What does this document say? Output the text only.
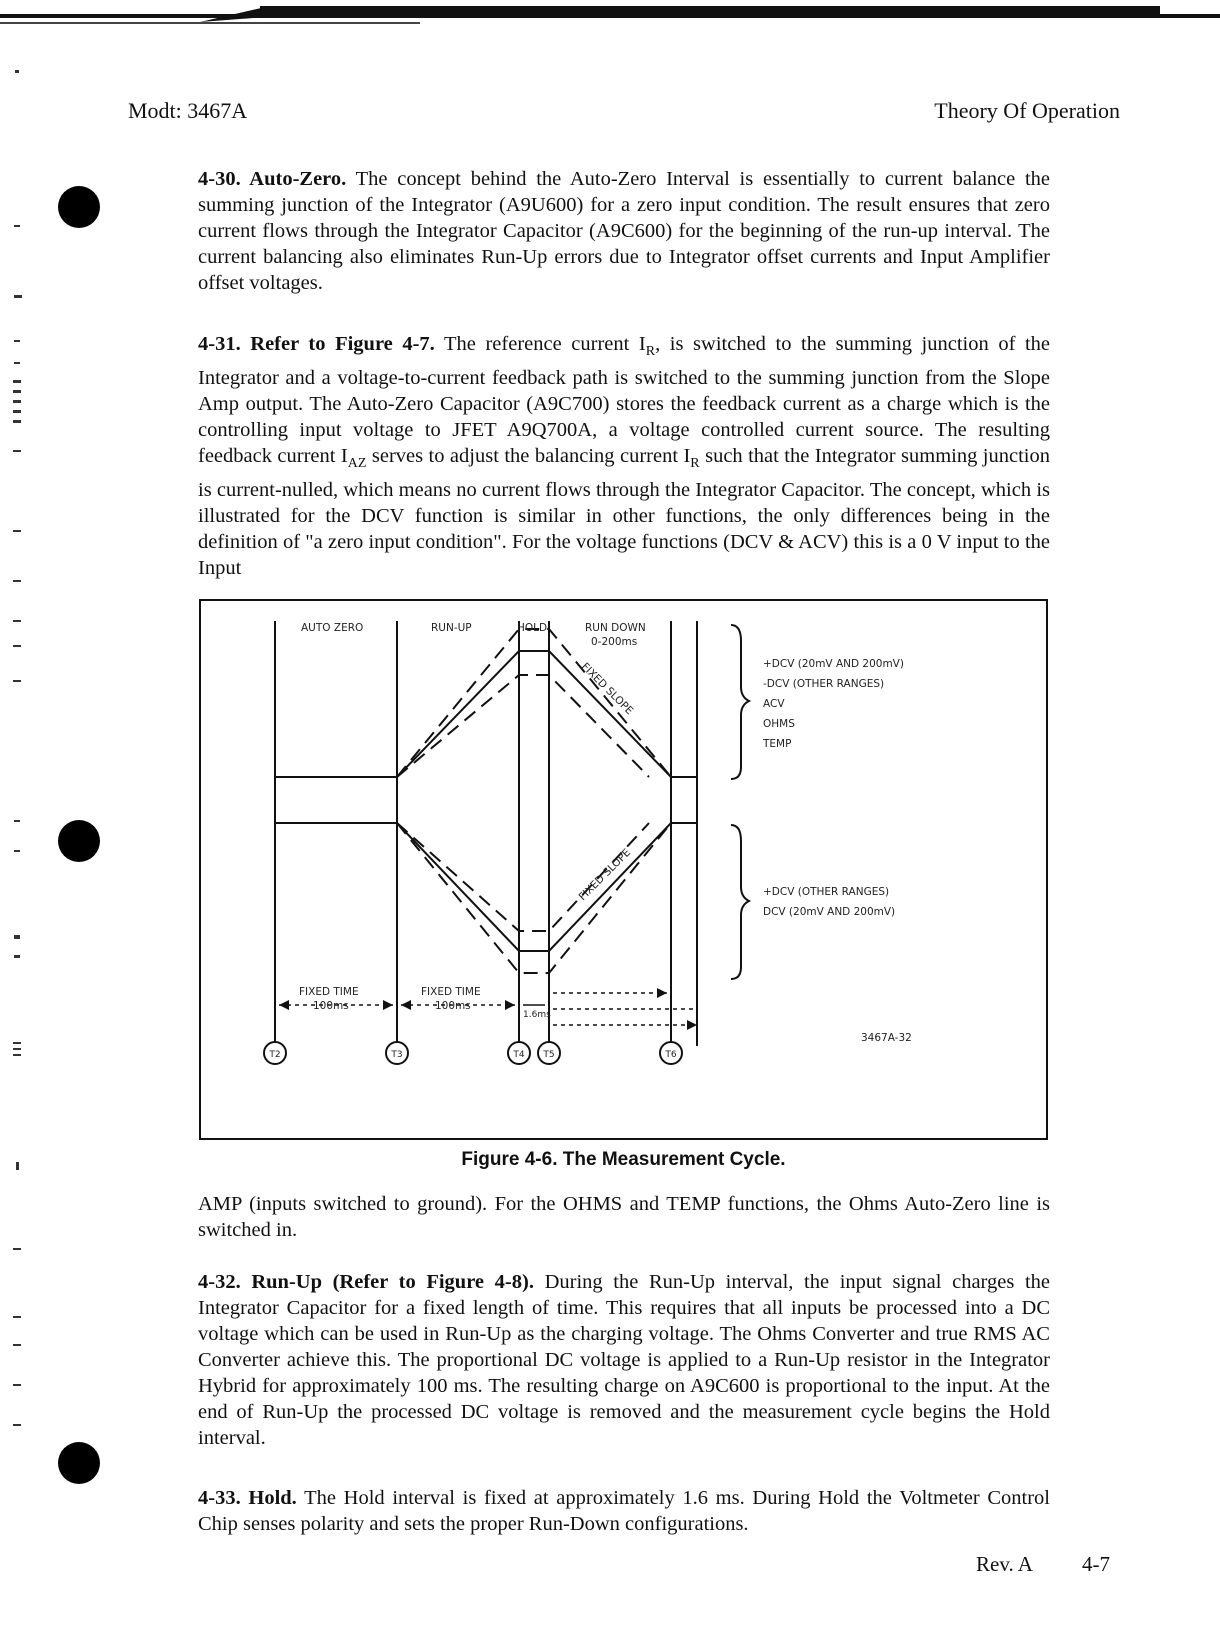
Modt: 3467A	Theory Of Operation
4-30. Auto-Zero. The concept behind the Auto-Zero Interval is essentially to current balance the summing junction of the Integrator (A9U600) for a zero input condition. The result ensures that zero current flows through the Integrator Capacitor (A9C600) for the beginning of the run-up interval. The current balancing also eliminates Run-Up errors due to Integrator offset currents and Input Amplifier offset voltages.
4-31. Refer to Figure 4-7. The reference current $I_R$, is switched to the summing junction of the Integrator and a voltage-to-current feedback path is switched to the summing junction from the Slope Amp output. The Auto-Zero Capacitor (A9C700) stores the feedback current as a charge which is the controlling input voltage to JFET A9Q700A, a voltage controlled current source. The resulting feedback current $I_{AZ}$ serves to adjust the balancing current $I_R$ such that the Integrator summing junction is current-nulled, which means no current flows through the Integrator Capacitor. The concept, which is illustrated for the DCV function is similar in other functions, the only differences being in the definition of "a zero input condition". For the voltage functions (DCV & ACV) this is a 0 V input to the Input
AUTO ZERO	RUN-UP	HOLD	RUN DOWN
0-200ms
FIXED SLOPE
FIXED SLOPE
+DCV (20mV AND 200mV)
-DCV (OTHER RANGES)
ACV
OHMS
TEMP
+DCV (OTHER RANGES)
DCV (20mV AND 200mV)
FIXED TIME
100ms
FIXED TIME
100ms
1.6ms
3467A-32
T2	T3	T4 T5	T6
Figure 4-6. The Measurement Cycle.
AMP (inputs switched to ground). For the OHMS and TEMP functions, the Ohms Auto-Zero line is switched in.
4-32. Run-Up (Refer to Figure 4-8). During the Run-Up interval, the input signal charges the Integrator Capacitor for a fixed length of time. This requires that all inputs be processed into a DC voltage which can be used in Run-Up as the charging voltage. The Ohms Converter and true RMS AC Converter achieve this. The proportional DC voltage is applied to a Run-Up resistor in the Integrator Hybrid for approximately 100 ms. The resulting charge on A9C600 is proportional to the input. At the end of Run-Up the processed DC voltage is removed and the measurement cycle begins the Hold interval.
4-33. Hold. The Hold interval is fixed at approximately 1.6 ms. During Hold the Voltmeter Control Chip senses polarity and sets the proper Run-Down configurations.
Rev. A 4-7
